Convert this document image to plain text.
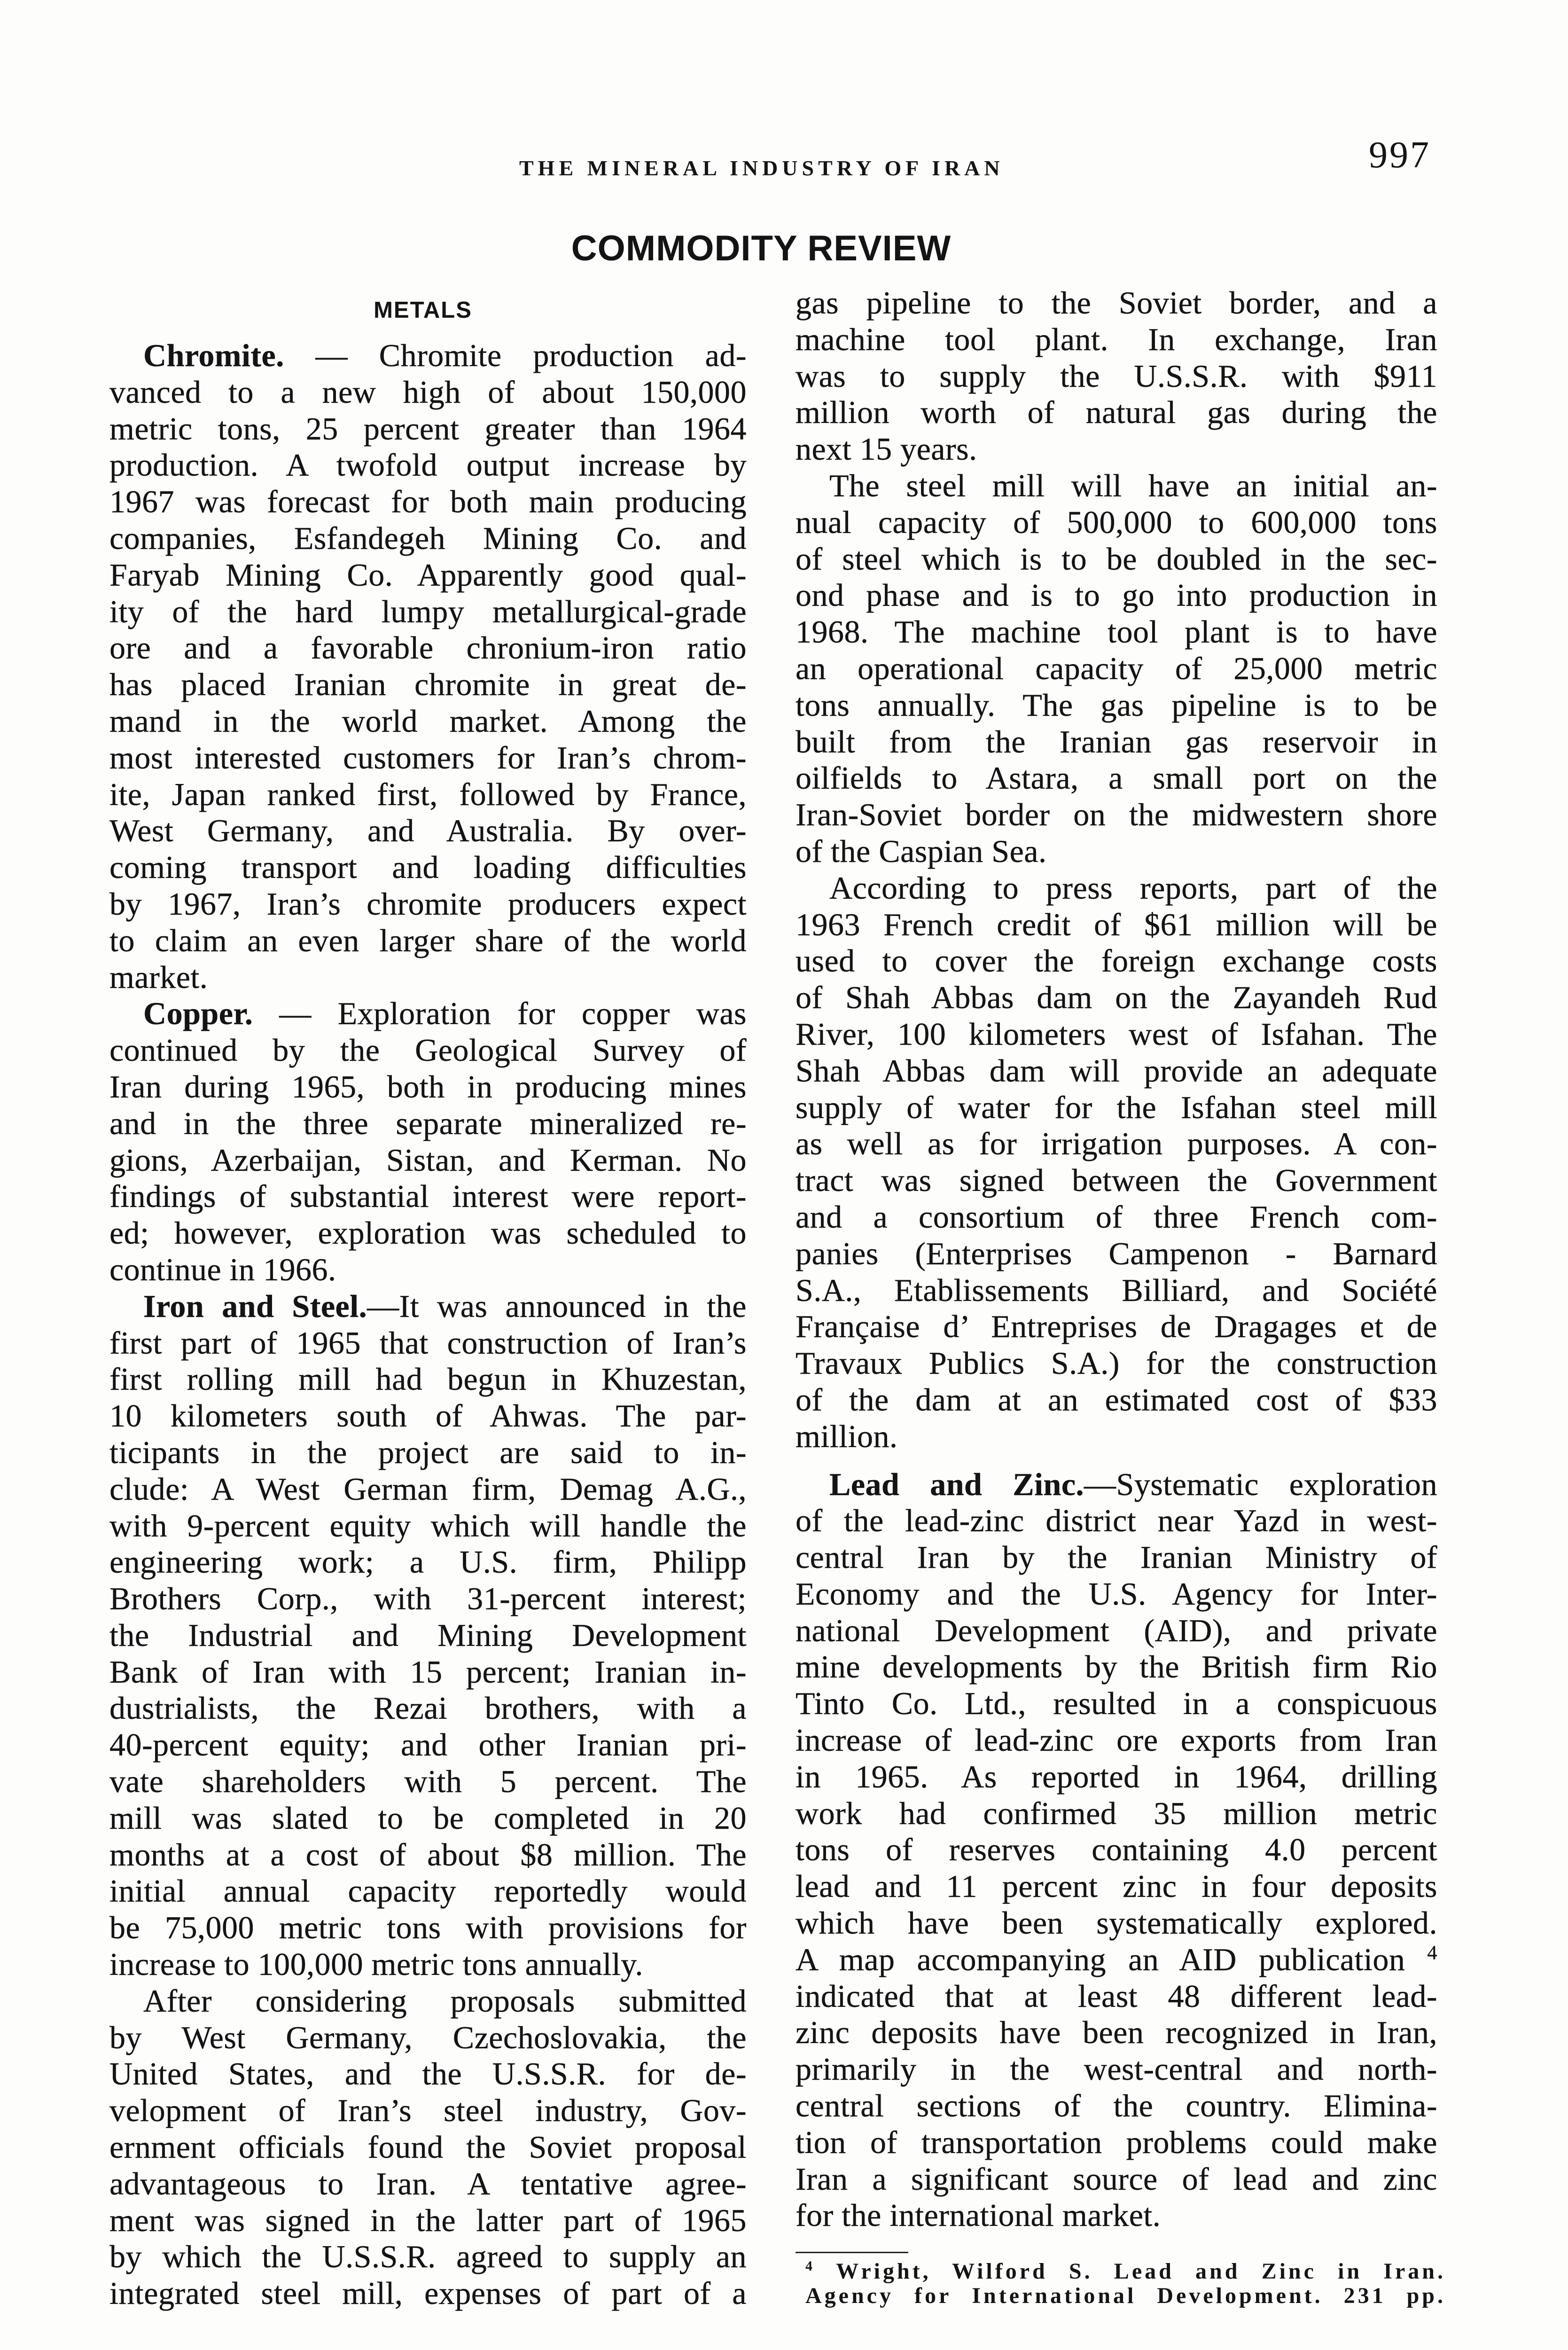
THE MINERAL INDUSTRY OF IRAN	997
COMMODITY REVIEW
METALS
Chromite. — Chromite production ad-
vanced to a new high of about 150,000
metric tons, 25 percent greater than 1964
production. A twofold output increase by
1967 was forecast for both main producing
companies, Esfandegeh Mining Co. and
Faryab Mining Co. Apparently good qual-
ity of the hard lumpy metallurgical-grade
ore and a favorable chronium-iron ratio
has placed Iranian chromite in great de-
mand in the world market. Among the
most interested customers for Iran’s chrom-
ite, Japan ranked first, followed by France,
West Germany, and Australia. By over-
coming transport and loading difficulties
by 1967, Iran’s chromite producers expect
to claim an even larger share of the world
market.
Copper. — Exploration for copper was
continued by the Geological Survey of
Iran during 1965, both in producing mines
and in the three separate mineralized re-
gions, Azerbaijan, Sistan, and Kerman. No
findings of substantial interest were report-
ed; however, exploration was scheduled to
continue in 1966.
Iron and Steel.—It was announced in the
first part of 1965 that construction of Iran’s
first rolling mill had begun in Khuzestan,
10 kilometers south of Ahwas. The par-
ticipants in the project are said to in-
clude: A West German firm, Demag A.G.,
with 9-percent equity which will handle the
engineering work; a U.S. firm, Philipp
Brothers Corp., with 31-percent interest;
the Industrial and Mining Development
Bank of Iran with 15 percent; Iranian in-
dustrialists, the Rezai brothers, with a
40-percent equity; and other Iranian pri-
vate shareholders with 5 percent. The
mill was slated to be completed in 20
months at a cost of about $8 million. The
initial annual capacity reportedly would
be 75,000 metric tons with provisions for
increase to 100,000 metric tons annually.
After considering proposals submitted
by West Germany, Czechoslovakia, the
United States, and the U.S.S.R. for de-
velopment of Iran’s steel industry, Gov-
ernment officials found the Soviet proposal
advantageous to Iran. A tentative agree-
ment was signed in the latter part of 1965
by which the U.S.S.R. agreed to supply an
integrated steel mill, expenses of part of a
gas pipeline to the Soviet border, and a
machine tool plant. In exchange, Iran
was to supply the U.S.S.R. with $911
million worth of natural gas during the
next 15 years.
The steel mill will have an initial an-
nual capacity of 500,000 to 600,000 tons
of steel which is to be doubled in the sec-
ond phase and is to go into production in
1968. The machine tool plant is to have
an operational capacity of 25,000 metric
tons annually. The gas pipeline is to be
built from the Iranian gas reservoir in
oilfields to Astara, a small port on the
Iran-Soviet border on the midwestern shore
of the Caspian Sea.
According to press reports, part of the
1963 French credit of $61 million will be
used to cover the foreign exchange costs
of Shah Abbas dam on the Zayandeh Rud
River, 100 kilometers west of Isfahan. The
Shah Abbas dam will provide an adequate
supply of water for the Isfahan steel mill
as well as for irrigation purposes. A con-
tract was signed between the Government
and a consortium of three French com-
panies (Enterprises Campenon - Barnard
S.A., Etablissements Billiard, and Société
Française d’ Entreprises de Dragages et de
Travaux Publics S.A.) for the construction
of the dam at an estimated cost of $33
million.
Lead and Zinc.—Systematic exploration
of the lead-zinc district near Yazd in west-
central Iran by the Iranian Ministry of
Economy and the U.S. Agency for Inter-
national Development (AID), and private
mine developments by the British firm Rio
Tinto Co. Ltd., resulted in a conspicuous
increase of lead-zinc ore exports from Iran
in 1965. As reported in 1964, drilling
work had confirmed 35 million metric
tons of reserves containing 4.0 percent
lead and 11 percent zinc in four deposits
which have been systematically explored.
A map accompanying an AID publication $^4$
indicated that at least 48 different lead-
zinc deposits have been recognized in Iran,
primarily in the west-central and north-
central sections of the country. Elimina-
tion of transportation problems could make
Iran a significant source of lead and zinc
for the international market.
$^4$ Wright, Wilford S. Lead and Zinc in Iran.
Agency for International Development. 231 pp.
